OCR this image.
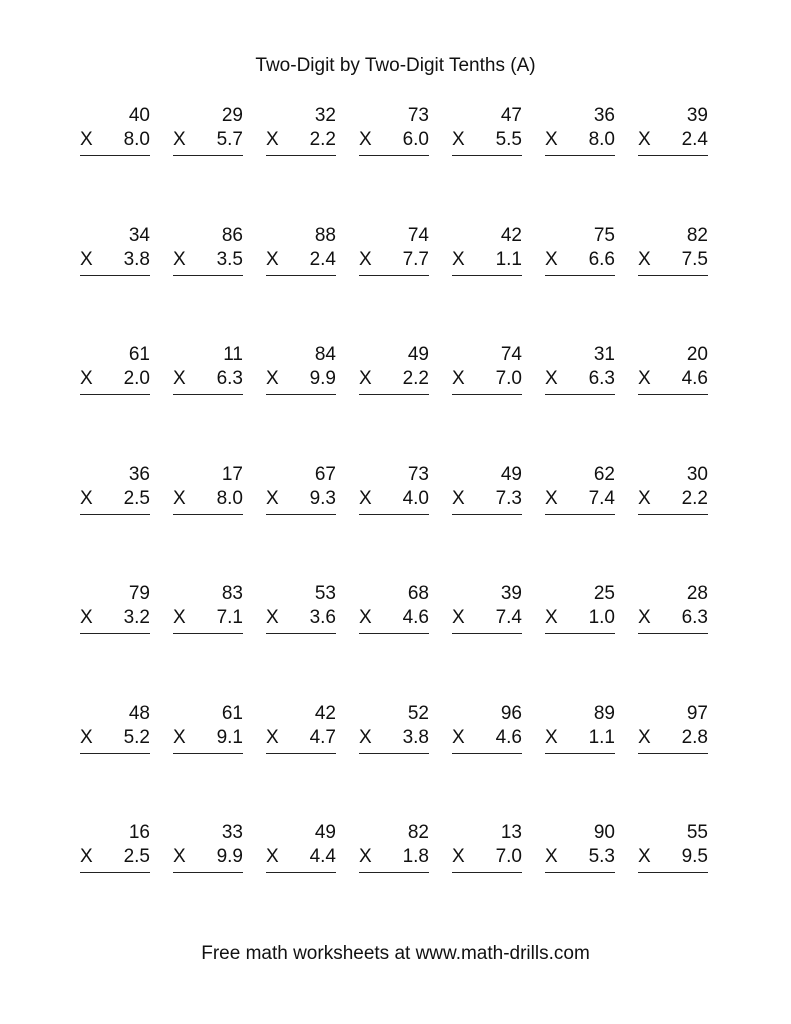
Two-Digit by Two-Digit Tenths (A)
40
X 8.0
29
X 5.7
32
X 2.2
73
X 6.0
47
X 5.5
36
X 8.0
39
X 2.4
34
X 3.8
86
X 3.5
88
X 2.4
74
X 7.7
42
X 1.1
75
X 6.6
82
X 7.5
61
X 2.0
11
X 6.3
84
X 9.9
49
X 2.2
74
X 7.0
31
X 6.3
20
X 4.6
36
X 2.5
17
X 8.0
67
X 9.3
73
X 4.0
49
X 7.3
62
X 7.4
30
X 2.2
79
X 3.2
83
X 7.1
53
X 3.6
68
X 4.6
39
X 7.4
25
X 1.0
28
X 6.3
48
X 5.2
61
X 9.1
42
X 4.7
52
X 3.8
96
X 4.6
89
X 1.1
97
X 2.8
16
X 2.5
33
X 9.9
49
X 4.4
82
X 1.8
13
X 7.0
90
X 5.3
55
X 9.5
Free math worksheets at www.math-drills.com
